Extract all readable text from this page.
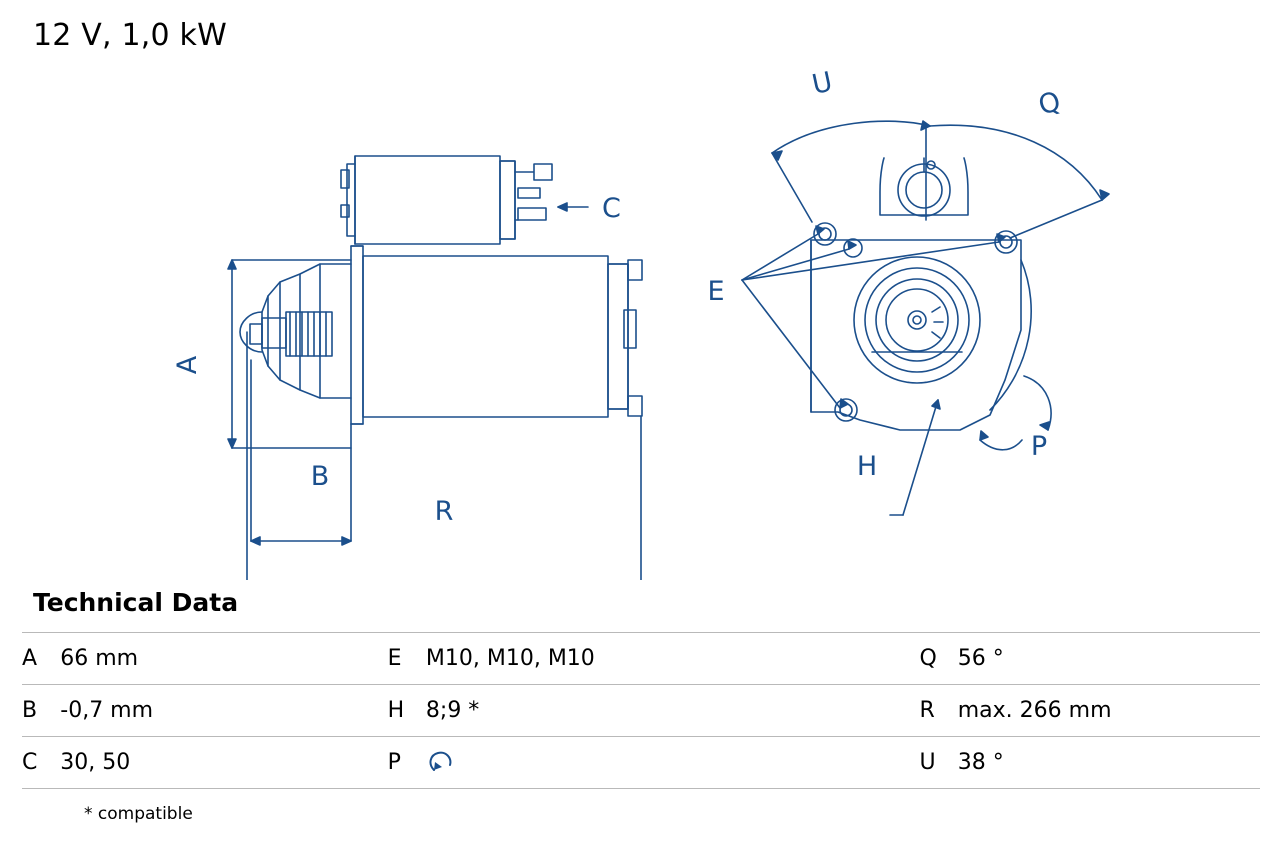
12 V, 1,0 kW
A
B
C
R
E
H
P
Q
U
Technical Data
A	66 mm	E	M10, M10, M10	Q	56 °
B	-0,7 mm	H	8;9 *	R	max. 266 mm
C	30, 50	P		U	38 °
* compatible
